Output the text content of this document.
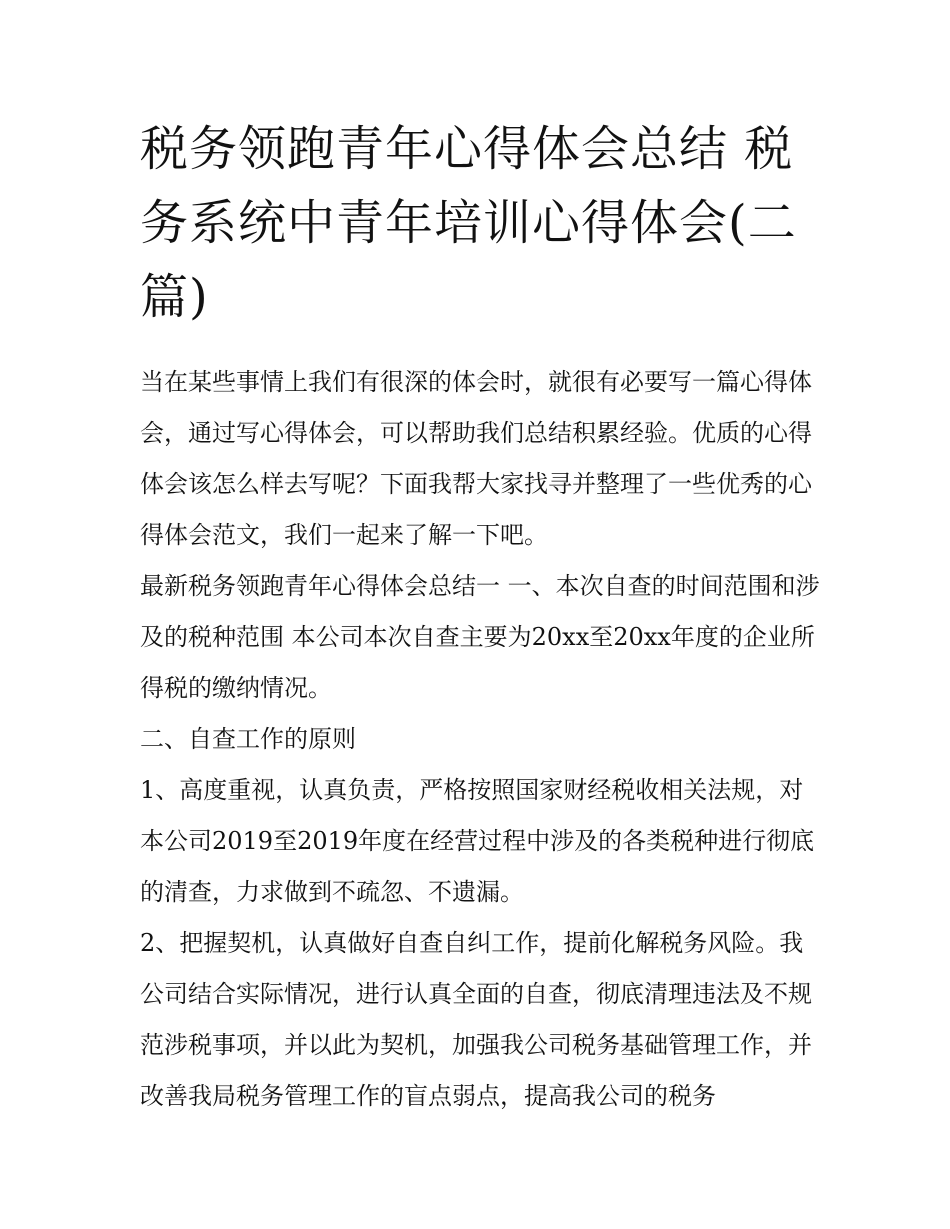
税务领跑青年心得体会总结 税务系统中青年培训心得体会(二篇)

当在某些事情上我们有很深的体会时，就很有必要写一篇心得体会，通过写心得体会，可以帮助我们总结积累经验。优质的心得体会该怎么样去写呢？下面我帮大家找寻并整理了一些优秀的心得体会范文，我们一起来了解一下吧。

最新税务领跑青年心得体会总结一 一、本次自查的时间范围和涉及的税种范围 本公司本次自查主要为20xx至20xx年度的企业所得税的缴纳情况。

二、自查工作的原则

1、高度重视，认真负责，严格按照国家财经税收相关法规，对本公司2019至2019年度在经营过程中涉及的各类税种进行彻底的清查，力求做到不疏忽、不遗漏。

2、把握契机，认真做好自查自纠工作，提前化解税务风险。我公司结合实际情况，进行认真全面的自查，彻底清理违法及不规范涉税事项，并以此为契机，加强我公司税务基础管理工作，并改善我局税务管理工作的盲点弱点，提高我公司的税务
